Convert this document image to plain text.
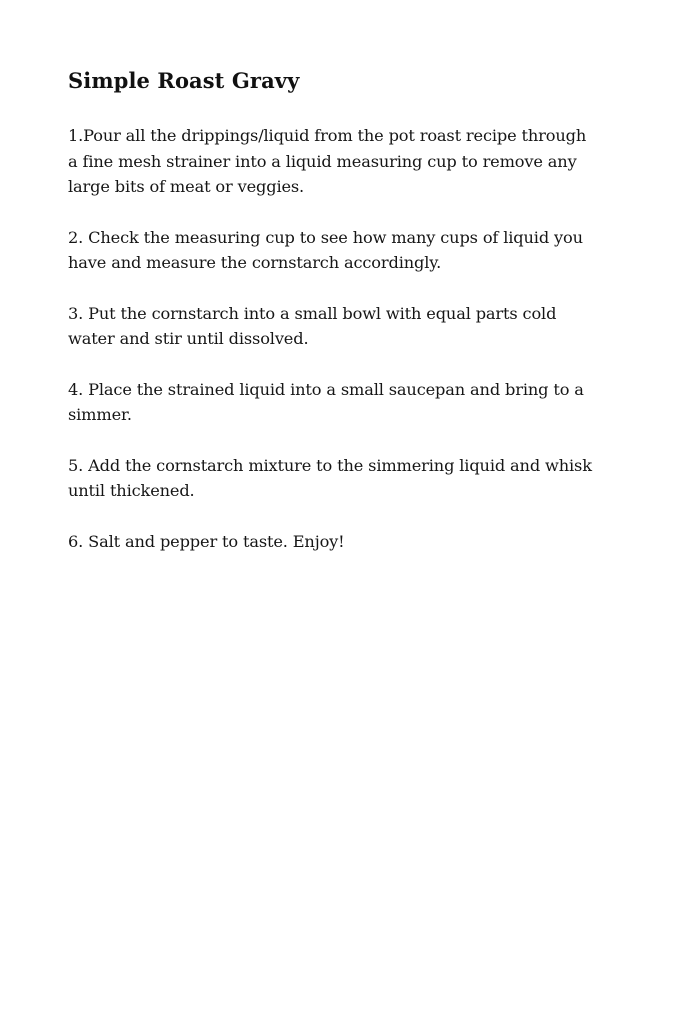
Simple Roast Gravy
1.Pour all the drippings/liquid from the pot roast recipe through
a fine mesh strainer into a liquid measuring cup to remove any
large bits of meat or veggies.
2. Check the measuring cup to see how many cups of liquid you
have and measure the cornstarch accordingly.
3. Put the cornstarch into a small bowl with equal parts cold
water and stir until dissolved.
4. Place the strained liquid into a small saucepan and bring to a
simmer.
5. Add the cornstarch mixture to the simmering liquid and whisk
until thickened.
6. Salt and pepper to taste. Enjoy!
